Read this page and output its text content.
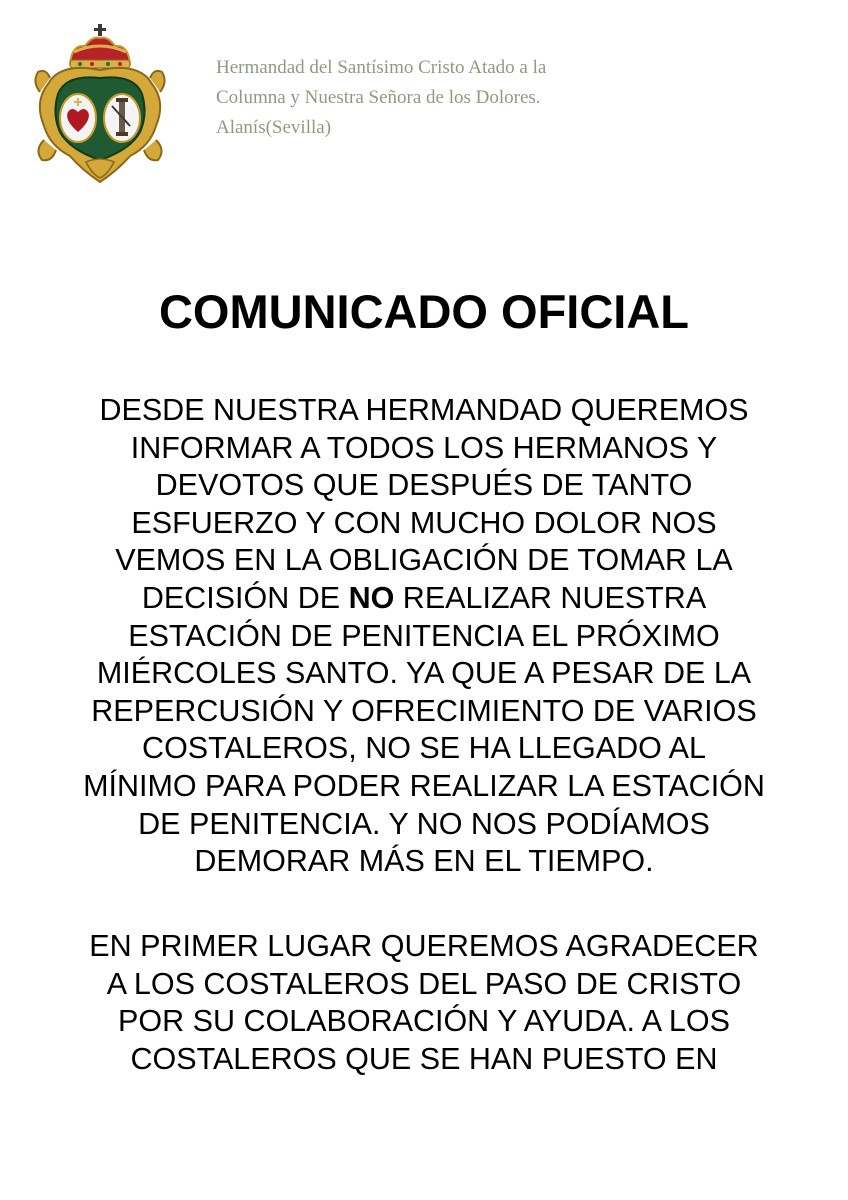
Hermandad del Santísimo Cristo Atado a la
Columna y Nuestra Señora de los Dolores.
Alanís(Sevilla)
COMUNICADO OFICIAL
DESDE NUESTRA HERMANDAD QUEREMOS
INFORMAR A TODOS LOS HERMANOS Y
DEVOTOS QUE DESPUÉS DE TANTO
ESFUERZO Y CON MUCHO DOLOR NOS
VEMOS EN LA OBLIGACIÓN DE TOMAR LA
DECISIÓN DE NO REALIZAR NUESTRA
ESTACIÓN DE PENITENCIA EL PRÓXIMO
MIÉRCOLES SANTO. YA QUE A PESAR DE LA
REPERCUSIÓN Y OFRECIMIENTO DE VARIOS
COSTALEROS, NO SE HA LLEGADO AL
MÍNIMO PARA PODER REALIZAR LA ESTACIÓN
DE PENITENCIA. Y NO NOS PODÍAMOS
DEMORAR MÁS EN EL TIEMPO.
EN PRIMER LUGAR QUEREMOS AGRADECER
A LOS COSTALEROS DEL PASO DE CRISTO
POR SU COLABORACIÓN Y AYUDA. A LOS
COSTALEROS QUE SE HAN PUESTO EN
